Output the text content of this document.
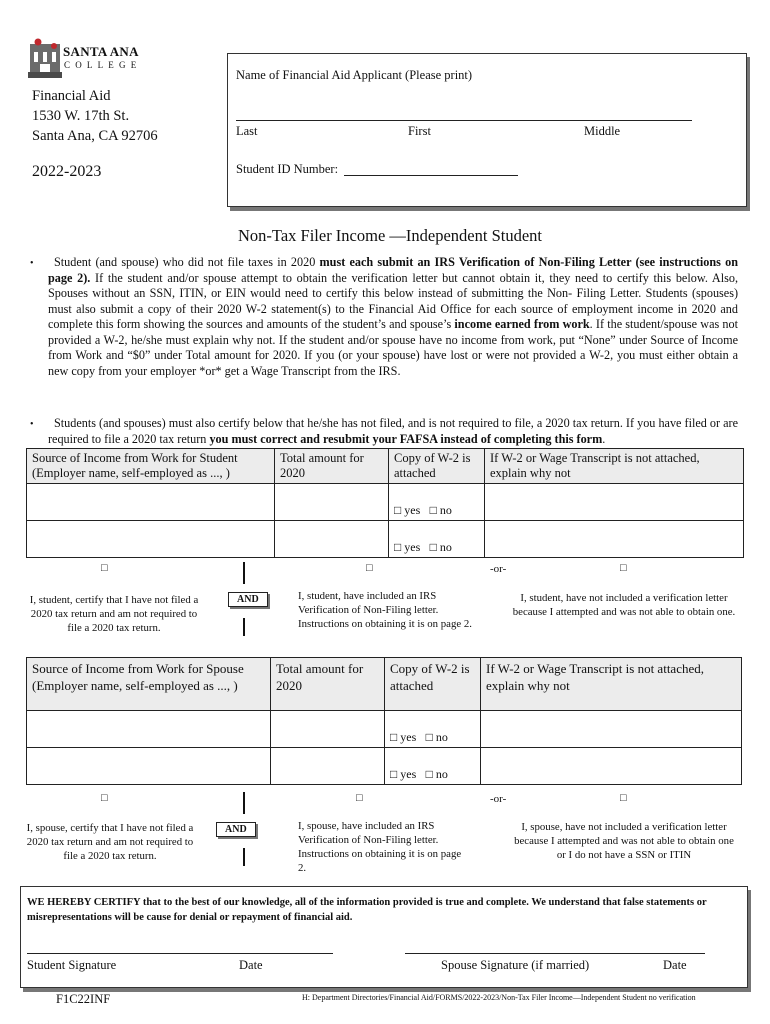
SANTA ANA
COLLEGE
Financial Aid
1530 W. 17th St.
Santa Ana, CA 92706
2022-2023
Name of Financial Aid Applicant (Please print)
Last	First	Middle
Student ID Number:
Non-Tax Filer Income —Independent Student
•	Student (and spouse) who did not file taxes in 2020 must each submit an IRS Verification of Non-Filing Letter (see instructions on page 2). If the student and/or spouse attempt to obtain the verification letter but cannot obtain it, they need to certify this below. Also, Spouses without an SSN, ITIN, or EIN would need to certify this below instead of submitting the Non- Filing Letter. Students (spouses) must also submit a copy of their 2020 W-2 statement(s) to the Financial Aid Office for each source of employment income in 2020 and complete this form showing the sources and amounts of the student’s and spouse’s income earned from work. If the student/spouse was not provided a W-2, he/she must explain why not. If the student and/or spouse have no income from work, put “None” under Source of Income from Work and “$0” under Total amount for 2020. If you (or your spouse) have lost or were not provided a W-2, you must either obtain a new copy from your employer *or* get a Wage Transcript from the IRS.
•	Students (and spouses) must also certify below that he/she has not filed, and is not required to file, a 2020 tax return. If you have filed or are required to file a 2020 tax return you must correct and resubmit your FAFSA instead of completing this form.
Source of Income from Work for Student (Employer name, self-employed as ..., )	Total amount for 2020	Copy of W-2 is attached	If W-2 or Wage Transcript is not attached, explain why not
		□ yes □ no	
		□ yes □ no	
□	□	-or-	□
I, student, certify that I have not filed a 2020 tax return and am not required to file a 2020 tax return.
AND	I, student, have included an IRS Verification of Non-Filing letter. Instructions on obtaining it is on page 2.
I, student, have not included a verification letter because I attempted and was not able to obtain one.
Source of Income from Work for Spouse (Employer name, self-employed as ..., )	Total amount for 2020	Copy of W-2 is attached	If W-2 or Wage Transcript is not attached, explain why not
		□ yes □ no	
		□ yes □ no	
□	□	-or-	□
I, spouse, certify that I have not filed a 2020 tax return and am not required to file a 2020 tax return.
AND	I, spouse, have included an IRS Verification of Non-Filing letter. Instructions on obtaining it is on page 2.
I, spouse, have not included a verification letter because I attempted and was not able to obtain one or I do not have a SSN or ITIN
WE HEREBY CERTIFY that to the best of our knowledge, all of the information provided is true and complete. We understand that false statements or misrepresentations will be cause for denial or repayment of financial aid.
Student Signature	Date	Spouse Signature (if married)	Date
F1C22INF	H: Department Directories/Financial Aid/FORMS/2022-2023/Non-Tax Filer Income—Independent Student no verification
